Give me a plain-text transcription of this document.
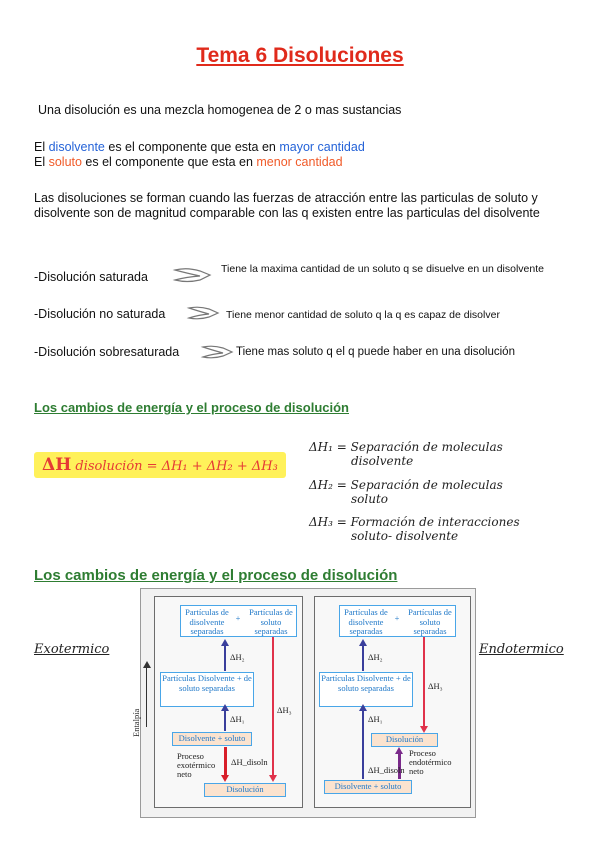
Tema 6 Disoluciones
Una disolución es una mezcla homogenea de 2 o mas sustancias
El disolvente es el componente que esta en mayor cantidad
El soluto es el componente que esta en menor cantidad
Las disoluciones se forman cuando las fuerzas de atracción entre las particulas de soluto y disolvente son de magnitud comparable con las q existen entre las particulas del disolvente
-Disolución saturada
Tiene la maxima cantidad de un soluto q se disuelve en un disolvente
-Disolución no saturada	Tiene menor cantidad de soluto q la q es capaz de disolver
-Disolución sobresaturada	Tiene mas soluto q el q puede haber en una disolución
Los cambios de energía y el proceso de disolución
ΔH disolución = ΔH₁ + ΔH₂ + ΔH₃
ΔH₁ = Separación de moleculas
disolvente
ΔH₂ = Separación de moleculas
soluto
ΔH₃ = Formación de interacciones
soluto- disolvente
Los cambios de energía y el proceso de disolución
Exotermico	Endotermico
Entalpía
Partículas de disolvente separadas
+
Partículas de soluto separadas
Partículas Disolvente + de soluto separadas
Disolvente + soluto
Disolución
ΔH₂
ΔH₁
ΔH₃
ΔH_disoln
Proceso exotérmico neto
Partículas de disolvente separadas
+
Partículas de soluto separadas
Partículas Disolvente + de soluto separadas
Disolución
Disolvente + soluto
ΔH₂
ΔH₁
ΔH₃
ΔH_disoln
Proceso endotérmico neto
